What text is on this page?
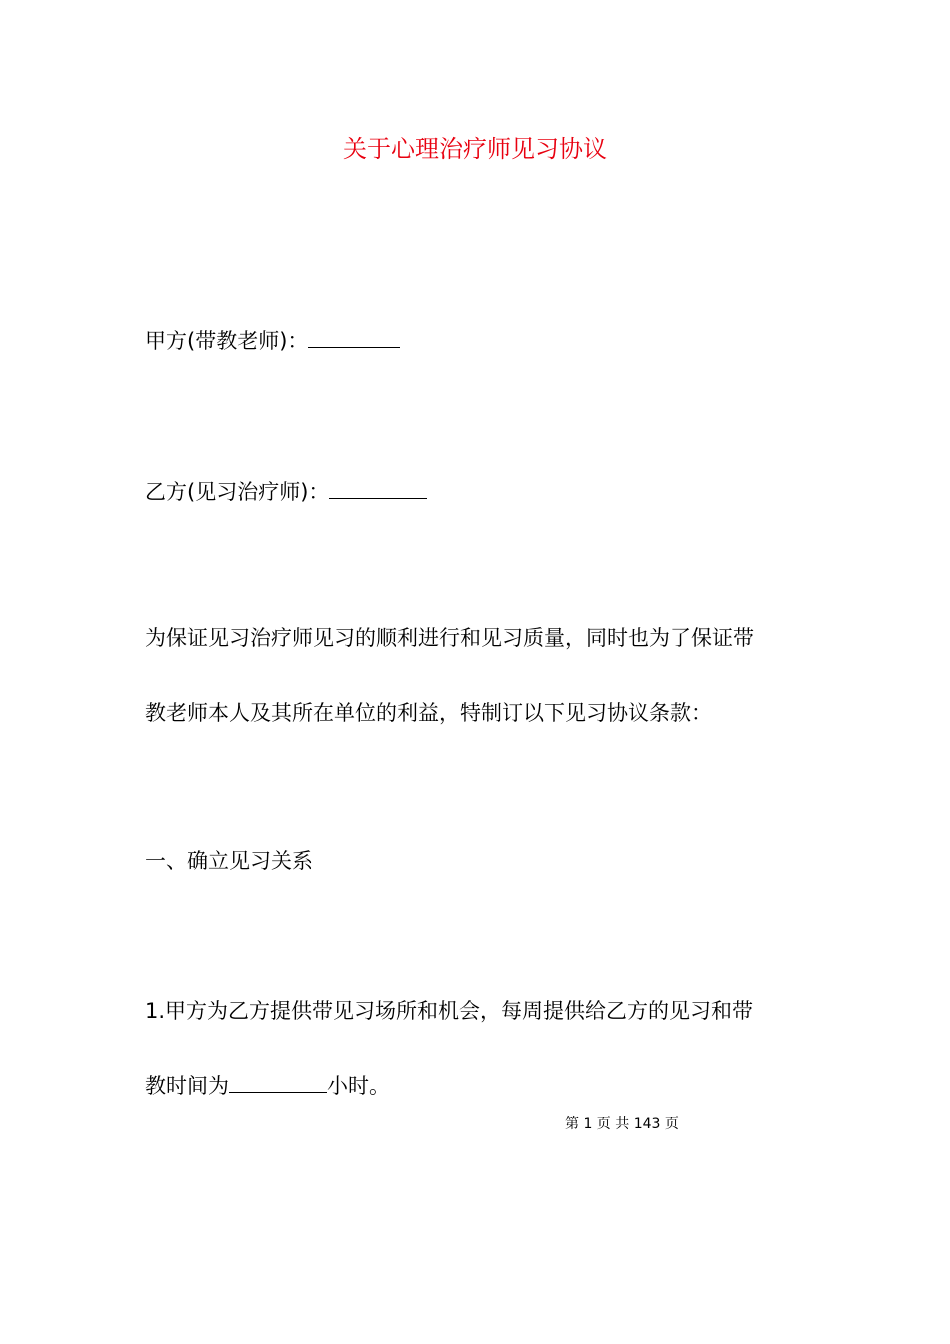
关于心理治疗师见习协议

甲方(带教老师)：

乙方(见习治疗师)：

为保证见习治疗师见习的顺利进行和见习质量，同时也为了保证带

教老师本人及其所在单位的利益，特制订以下见习协议条款：

一、确立见习关系

1.甲方为乙方提供带见习场所和机会，每周提供给乙方的见习和带

教时间为	小时。

第 1 页 共 143 页
